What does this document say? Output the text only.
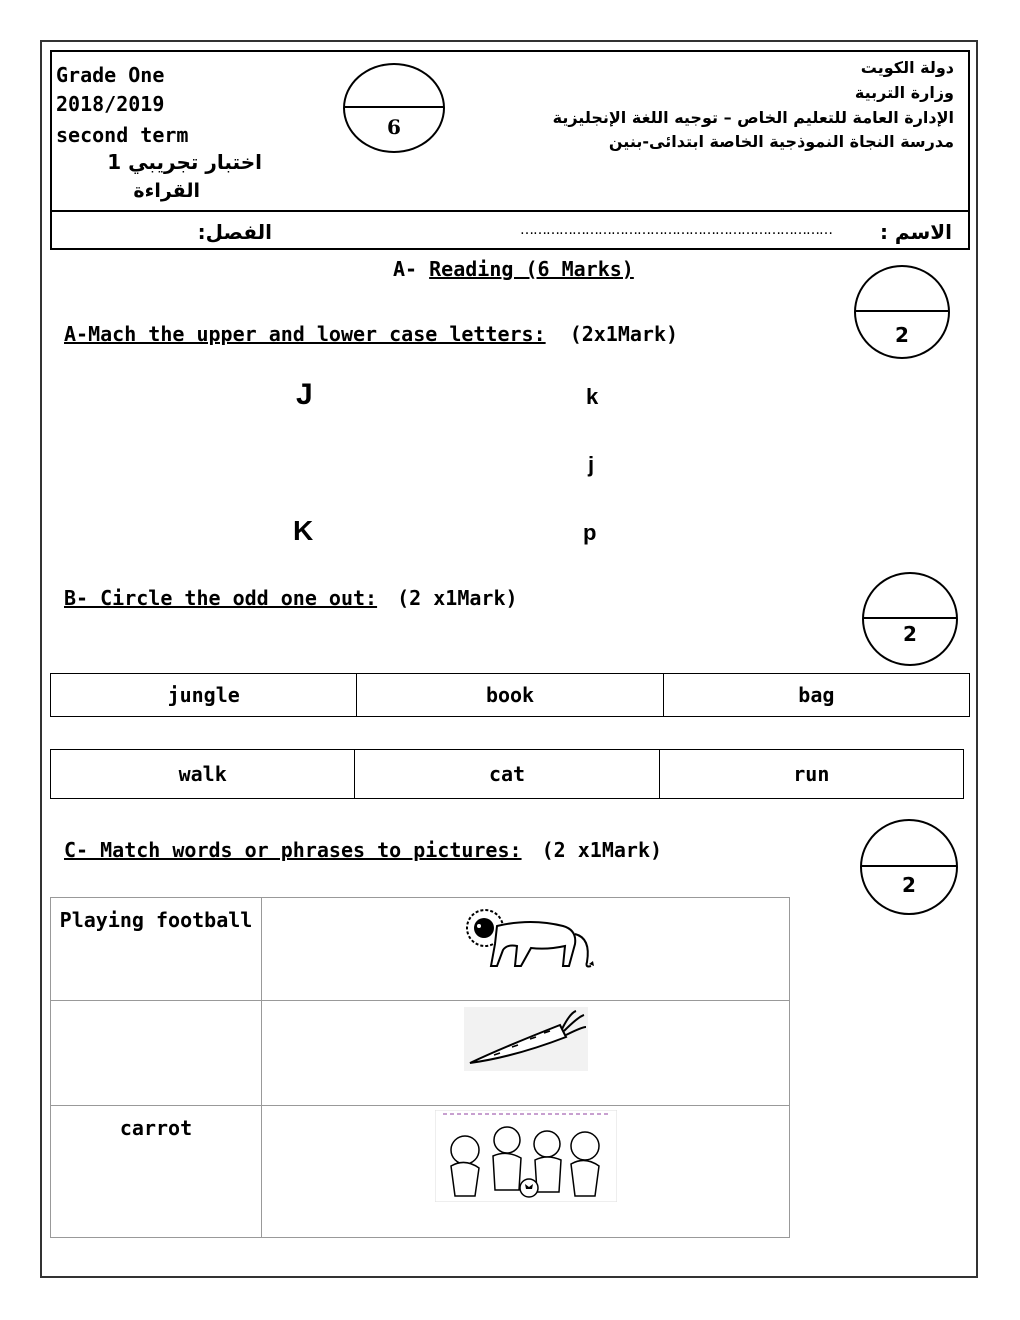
Grade One
2018/2019
second term
اختبار تجريبي 1
القراءة
6
دولة الكويت
وزارة التربية
الإدارة العامة للتعليم الخاص – توجيه اللغة الإنجليزية
مدرسة النجاة النموذجية الخاصة ابتدائى-بنين
الاسم :
………………………………………………………………
الفصل:
A- Reading (6 Marks)
A-Mach the upper and lower case letters: (2x1Mark)	2
J
K
k
j
p
B- Circle the odd one out: (2 x1Mark)
2
jungle	book	bag
walk	cat	run
C- Match words or phrases to pictures: (2 x1Mark)
2
Playing football	

carrot	
